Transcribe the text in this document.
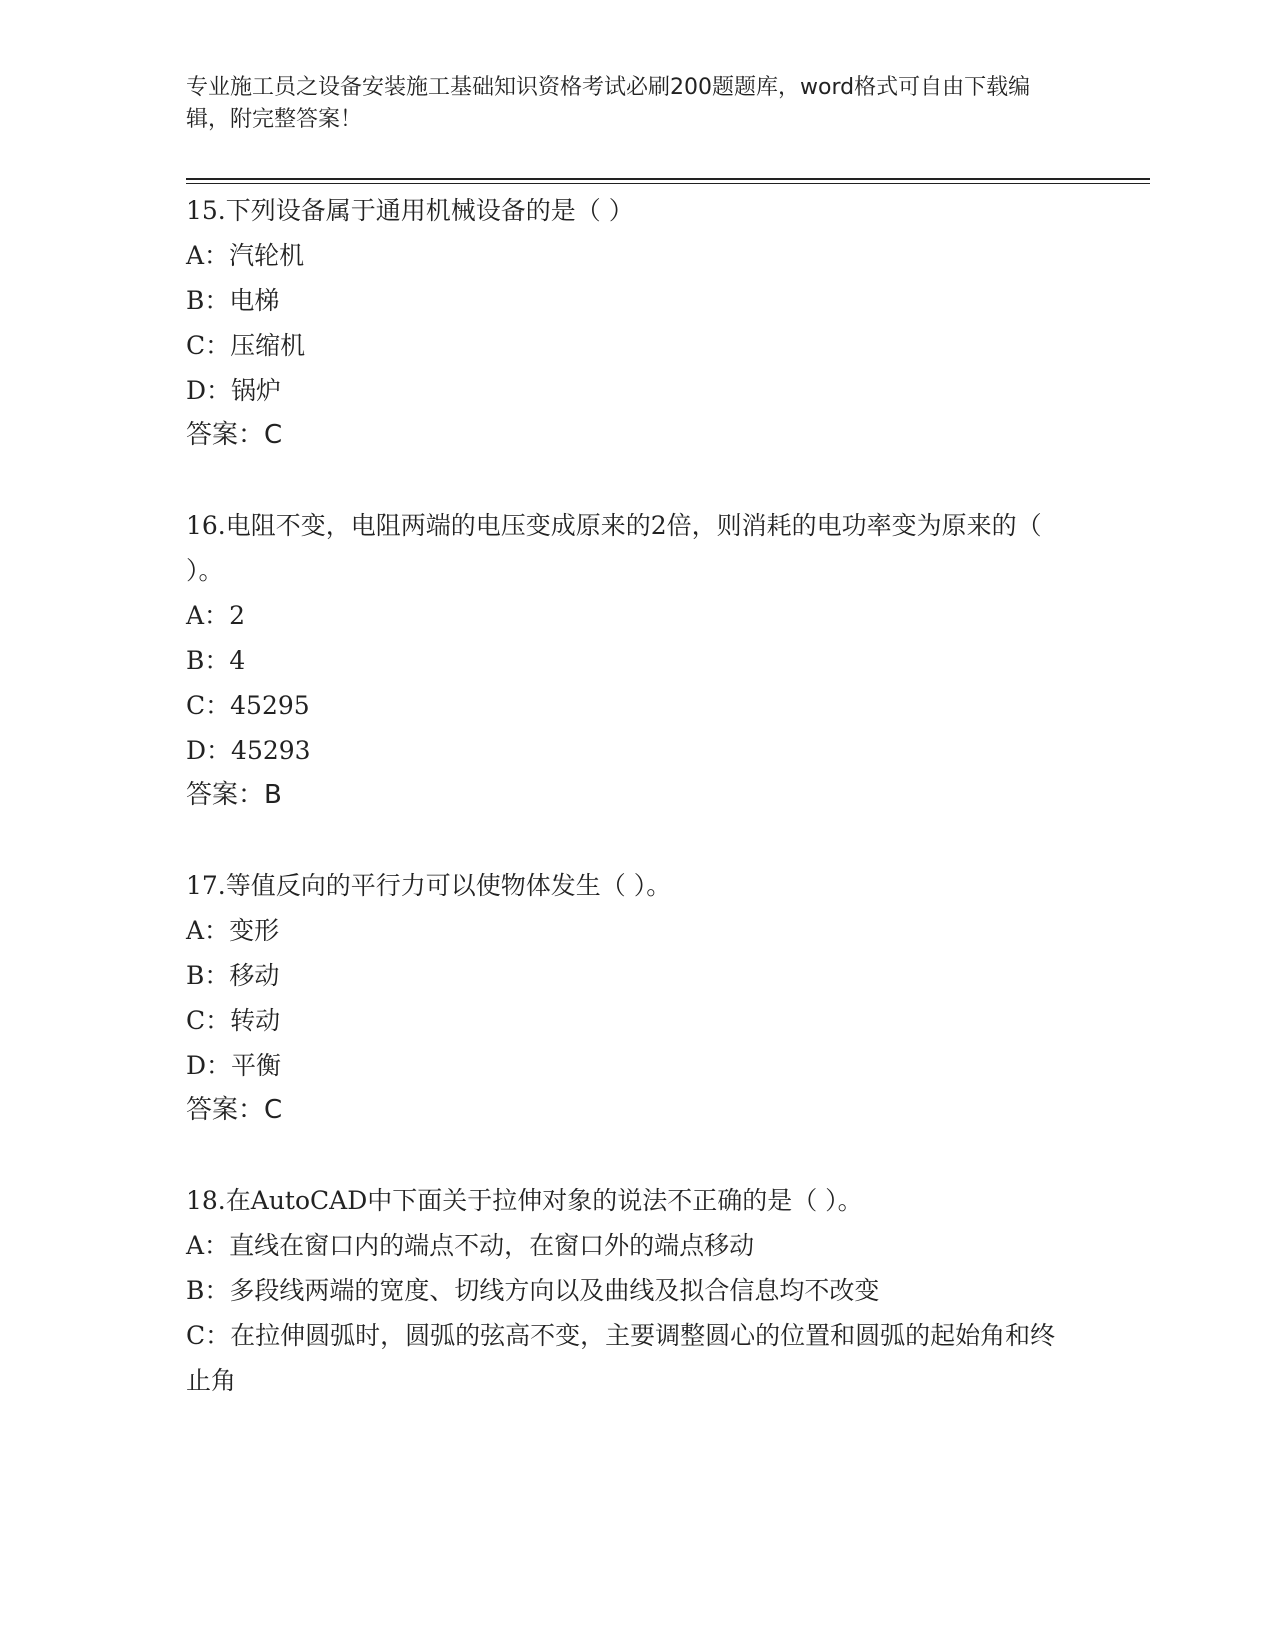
专业施工员之设备安装施工基础知识资格考试必刷200题题库，word格式可自由下载编辑，附完整答案！
15.下列设备属于通用机械设备的是（ ）
A：汽轮机
B：电梯
C：压缩机
D：锅炉
答案：C
16.电阻不变，电阻两端的电压变成原来的2倍，则消耗的电功率变为原来的（ ）。
A：2
B：4
C：45295
D：45293
答案：B
17.等值反向的平行力可以使物体发生（ ）。
A：变形
B：移动
C：转动
D：平衡
答案：C
18.在AutoCAD中下面关于拉伸对象的说法不正确的是（ ）。
A：直线在窗口内的端点不动，在窗口外的端点移动
B：多段线两端的宽度、切线方向以及曲线及拟合信息均不改变
C：在拉伸圆弧时，圆弧的弦高不变，主要调整圆心的位置和圆弧的起始角和终止角
